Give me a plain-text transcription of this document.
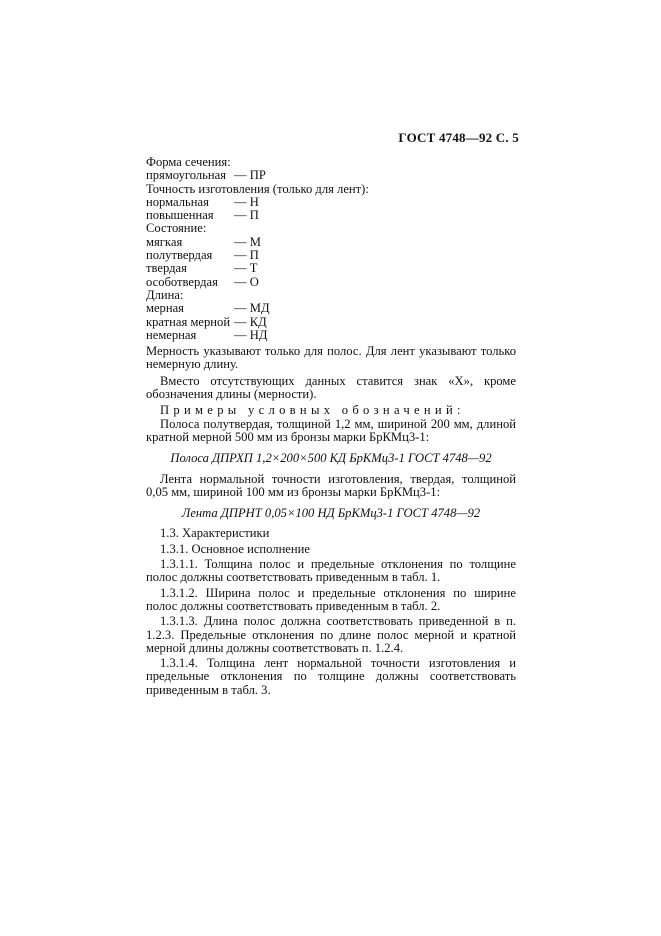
ГОСТ 4748—92 С. 5
Форма сечения:
прямоугольная — ПР
Точность изготовления (только для лент):
нормальная	— Н
повышенная	— П
Состояние:
мягкая	— М
полутвердая	— П
твердая	— Т
особотвердая	— О
Длина:
мерная	— МД
кратная мерной — КД
немерная	— НД
Мерность указывают только для полос. Для лент указывают только немерную длину.
Вместо отсутствующих данных ставится знак «Х», кроме обозначения длины (мерности).
Примеры условных обозначений:
Полоса полутвердая, толщиной 1,2 мм, шириной 200 мм, длиной кратной мерной 500 мм из бронзы марки БрКМц3-1:
Полоса ДПРХП 1,2×200×500 КД БрКМц3-1 ГОСТ 4748—92
Лента нормальной точности изготовления, твердая, толщиной 0,05 мм, шириной 100 мм из бронзы марки БрКМц3-1:
Лента ДПРНТ 0,05×100 НД БрКМц3-1 ГОСТ 4748—92
1.3. Характеристики
1.3.1. Основное исполнение
1.3.1.1. Толщина полос и предельные отклонения по толщине полос должны соответствовать приведенным в табл. 1.
1.3.1.2. Ширина полос и предельные отклонения по ширине полос должны соответствовать приведенным в табл. 2.
1.3.1.3. Длина полос должна соответствовать приведенной в п. 1.2.3. Предельные отклонения по длине полос мерной и кратной мерной длины должны соответствовать п. 1.2.4.
1.3.1.4. Толщина лент нормальной точности изготовления и предельные отклонения по толщине должны соответствовать приведенным в табл. 3.
